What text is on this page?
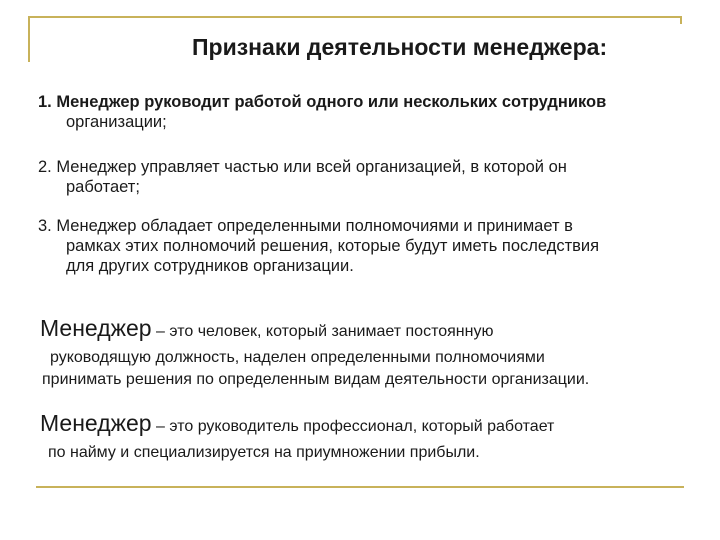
Признаки деятельности менеджера:
1. Менеджер руководит работой одного или нескольких сотрудников
организации;
2. Менеджер управляет частью или всей организацией, в которой он
работает;
3. Менеджер обладает определенными полномочиями и принимает в
рамках этих полномочий решения, которые будут иметь последствия
для других сотрудников организации.
Менеджер – это человек, который занимает постоянную
руководящую должность, наделен определенными полномочиями
принимать решения по определенным видам деятельности организации.
Менеджер – это руководитель профессионал, который работает
по найму и специализируется на приумножении прибыли.
